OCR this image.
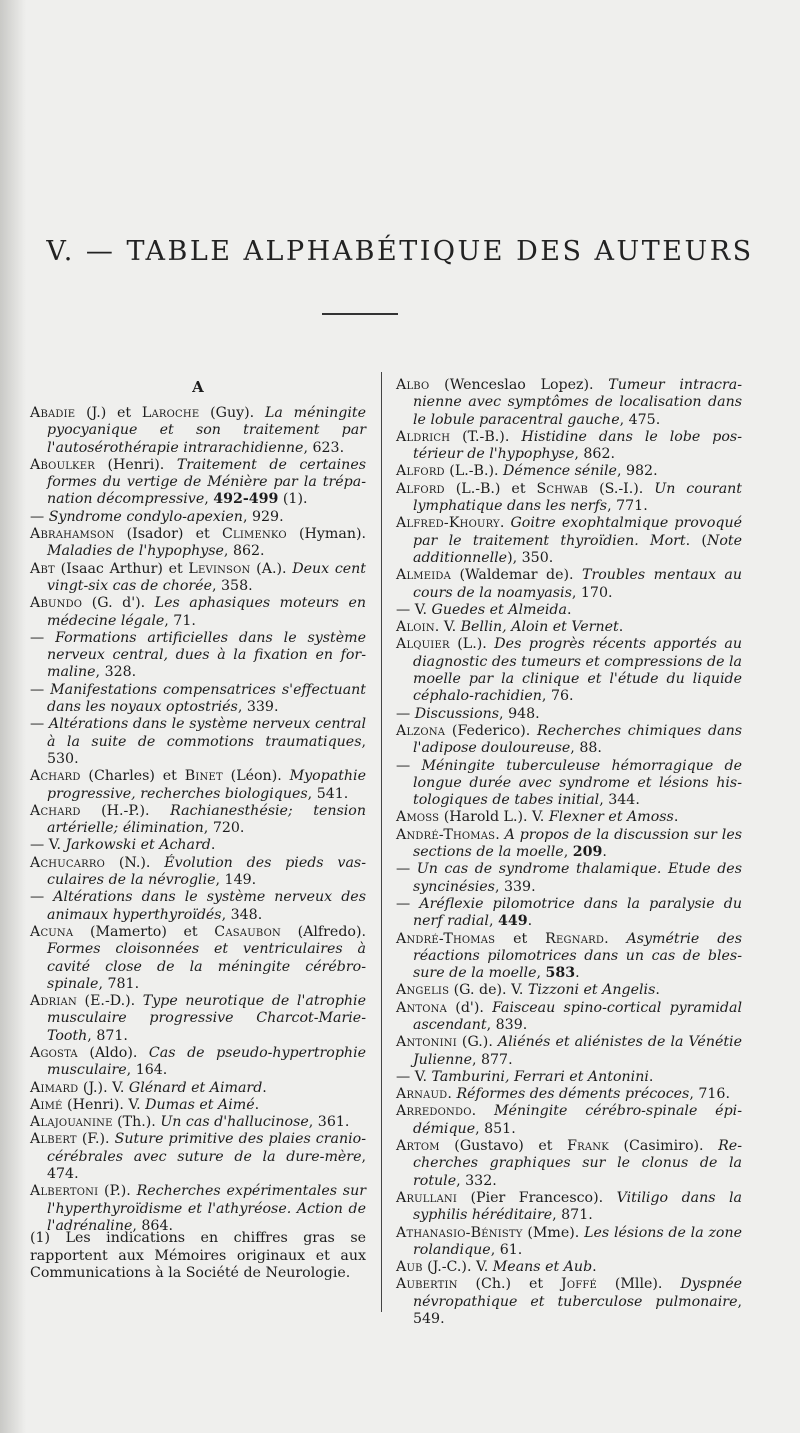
V. — TABLE ALPHABÉTIQUE DES AUTEURS
A

Abadie (J.) et Laroche (Guy). La méningite pyocyanique et son traitement par l'autosérothérapie intrarachidienne, 623.

Aboulker (Henri). Traitement de certaines formes du vertige de Ménière par la trépanation décompressive, 492-499 (1).

— Syndrome condylo-apexien, 929.

Abrahamson (Isador) et Climenko (Hyman). Maladies de l'hypophyse, 862.

Abt (Isaac Arthur) et Levinson (A.). Deux cent vingt-six cas de chorée, 358.

Abundo (G. d'). Les aphasiques moteurs en médecine légale, 71.

— Formations artificielles dans le système nerveux central, dues à la fixation en formaline, 328.

— Manifestations compensatrices s'effectuant dans les noyaux optostriés, 339.

— Altérations dans le système nerveux central à la suite de commotions traumatiques, 530.

Achard (Charles) et Binet (Léon). Myopathie progressive, recherches biologiques, 541.

Achard (H.-P.). Rachianesthésie; tension artérielle; élimination, 720.

— V. Jarkowski et Achard.

Achucarro (N.). Évolution des pieds vasculaires de la névroglie, 149.

— Altérations dans le système nerveux des animaux hyperthyroïdés, 348.

Acuna (Mamerto) et Casaubon (Alfredo). Formes cloisonnées et ventriculaires à cavité close de la méningite cérébro-spinale, 781.

Adrian (E.-D.). Type neurotique de l'atrophie musculaire progressive Charcot-Marie-Tooth, 871.

Agosta (Aldo). Cas de pseudo-hypertrophie musculaire, 164.

Aimard (J.). V. Glénard et Aimard.

Aimé (Henri). V. Dumas et Aimé.

Alajouanine (Th.). Un cas d'hallucinose, 361.

Albert (F.). Suture primitive des plaies cranio-cérébrales avec suture de la dure-mère, 474.

Albertoni (P.). Recherches expérimentales sur l'hyperthyroïdisme et l'athyréose. Action de l'adrénaline, 864.

Albo (Wenceslao Lopez). Tumeur intracranienne avec symptômes de localisation dans le lobule paracentral gauche, 475.

Aldrich (T.-B.). Histidine dans le lobe postérieur de l'hypophyse, 862.

Alford (L.-B.). Démence sénile, 982.

Alford (L.-B.) et Schwab (S.-I.). Un courant lymphatique dans les nerfs, 771.

Alfred-Khoury. Goitre exophtalmique provoqué par le traitement thyroïdien. Mort. (Note additionnelle), 350.

Almeida (Waldemar de). Troubles mentaux au cours de la noamyasis, 170.

— V. Guedes et Almeida.

Aloin. V. Bellin, Aloin et Vernet.

Alquier (L.). Des progrès récents apportés au diagnostic des tumeurs et compressions de la moelle par la clinique et l'étude du liquide céphalo-rachidien, 76.

— Discussions, 948.

Alzona (Federico). Recherches chimiques dans l'adipose douloureuse, 88.

— Méningite tuberculeuse hémorragique de longue durée avec syndrome et lésions histologiques de tabes initial, 344.

Amoss (Harold L.). V. Flexner et Amoss.

André-Thomas. A propos de la discussion sur les sections de la moelle, 209.

— Un cas de syndrome thalamique. Etude des syncinésies, 339.

— Aréflexie pilomotrice dans la paralysie du nerf radial, 449.

André-Thomas et Regnard. Asymétrie des réactions pilomotrices dans un cas de blessure de la moelle, 583.

Angelis (G. de). V. Tizzoni et Angelis.

Antona (d'). Faisceau spino-cortical pyramidal ascendant, 839.

Antonini (G.). Aliénés et aliénistes de la Vénétie Julienne, 877.

— V. Tamburini, Ferrari et Antonini.

Arnaud. Réformes des déments précoces, 716.

Arredondo. Méningite cérébro-spinale épidémique, 851.

Artom (Gustavo) et Frank (Casimiro). Recherches graphiques sur le clonus de la rotule, 332.

Arullani (Pier Francesco). Vitiligo dans la syphilis héréditaire, 871.

Athanasio-Bénisty (Mme). Les lésions de la zone rolandique, 61.

Aub (J.-C.). V. Means et Aub.

Aubertin (Ch.) et Joffé (Mlle). Dyspnée névropathique et tuberculose pulmonaire, 549.

(1) Les indications en chiffres gras se rapportent aux Mémoires originaux et aux Communications à la Société de Neurologie.
